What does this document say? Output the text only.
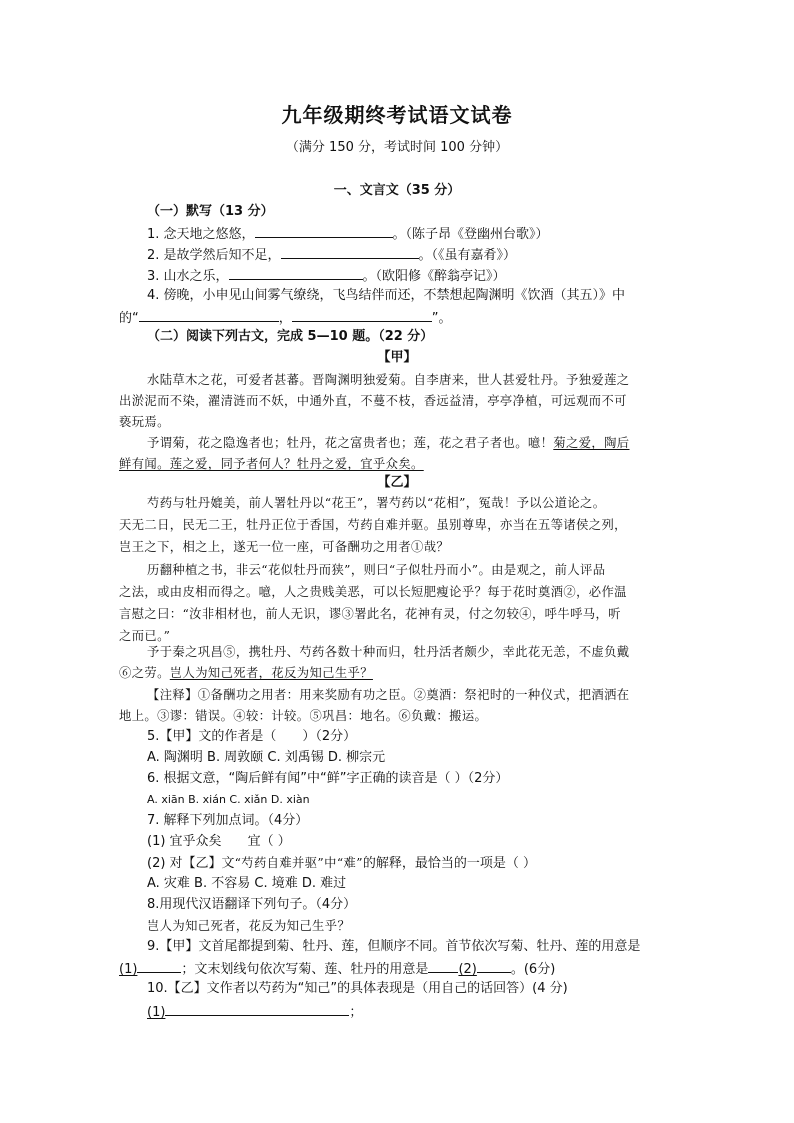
九年级期终考试语文试卷
（满分 150 分，考试时间 100 分钟）
一、文言文（35 分）
（一）默写（13 分）
1. 念天地之悠悠，	。（陈子昂《登幽州台歌》）
2. 是故学然后知不足，	。（《虽有嘉肴》）
3. 山水之乐，	。（欧阳修《醉翁亭记》）
4. 傍晚，小申见山间雾气缭绕，飞鸟结伴而还，不禁想起陶渊明《饮酒（其五）》中
的“	，	”。
（二）阅读下列古文，完成 5—10 题。（22 分）
【甲】
水陆草木之花，可爱者甚蕃。晋陶渊明独爱菊。自李唐来，世人甚爱牡丹。予独爱莲之
出淤泥而不染，濯清涟而不妖，中通外直，不蔓不枝，香远益清，亭亭净植，可远观而不可
亵玩焉。
予谓菊，花之隐逸者也；牡丹，花之富贵者也；莲，花之君子者也。噫！菊之爱，陶后
鲜有闻。莲之爱，同予者何人？牡丹之爱，宜乎众矣。
【乙】
芍药与牡丹媲美，前人署牡丹以“花王”，署芍药以“花相”，冤哉！予以公道论之。
天无二日，民无二王，牡丹正位于香国，芍药自难并驱。虽别尊卑，亦当在五等诸侯之列，
岂王之下，相之上，遂无一位一座，可备酬功之用者①哉？
历翻种植之书，非云“花似牡丹而狭”，则曰“子似牡丹而小”。由是观之，前人评品
之法，或由皮相而得之。噫，人之贵贱美恶，可以长短肥瘦论乎？每于花时奠酒②，必作温
言慰之曰：“汝非相材也，前人无识，谬③署此名，花神有灵，付之勿较④，呼牛呼马，听
之而已。”
予于秦之巩昌⑤，携牡丹、芍药各数十种而归，牡丹活者颇少，幸此花无恙，不虚负戴
⑥之劳。岂人为知己死者，花反为知己生乎？
【注释】①备酬功之用者：用来奖励有功之臣。②奠酒：祭祀时的一种仪式，把酒洒在
地上。③谬：错误。④较：计较。⑤巩昌：地名。⑥负戴：搬运。
5.【甲】文的作者是（　　）（2分）
A. 陶渊明 B. 周敦颐 C. 刘禹锡 D. 柳宗元
6. 根据文意，“陶后鲜有闻”中“鲜”字正确的读音是（ ）（2分）
A. xiān B. xián C. xiǎn D. xiàn
7. 解释下列加点词。（4分）
(1) 宜乎众矣 宜（ ）
(2) 对【乙】文“芍药自难并驱”中“难”的解释，最恰当的一项是（ ）
A. 灾难 B. 不容易 C. 境难 D. 难过
8.用现代汉语翻译下列句子。（4分）
岂人为知己死者，花反为知己生乎？
9.【甲】文首尾都提到菊、牡丹、莲，但顺序不同。首节依次写菊、牡丹、莲的用意是
(1)	；文末划线句依次写菊、莲、牡丹的用意是 (2)	。(6分)
10.【乙】文作者以芍药为“知己”的具体表现是（用自己的话回答）(4 分)
(1)	；
